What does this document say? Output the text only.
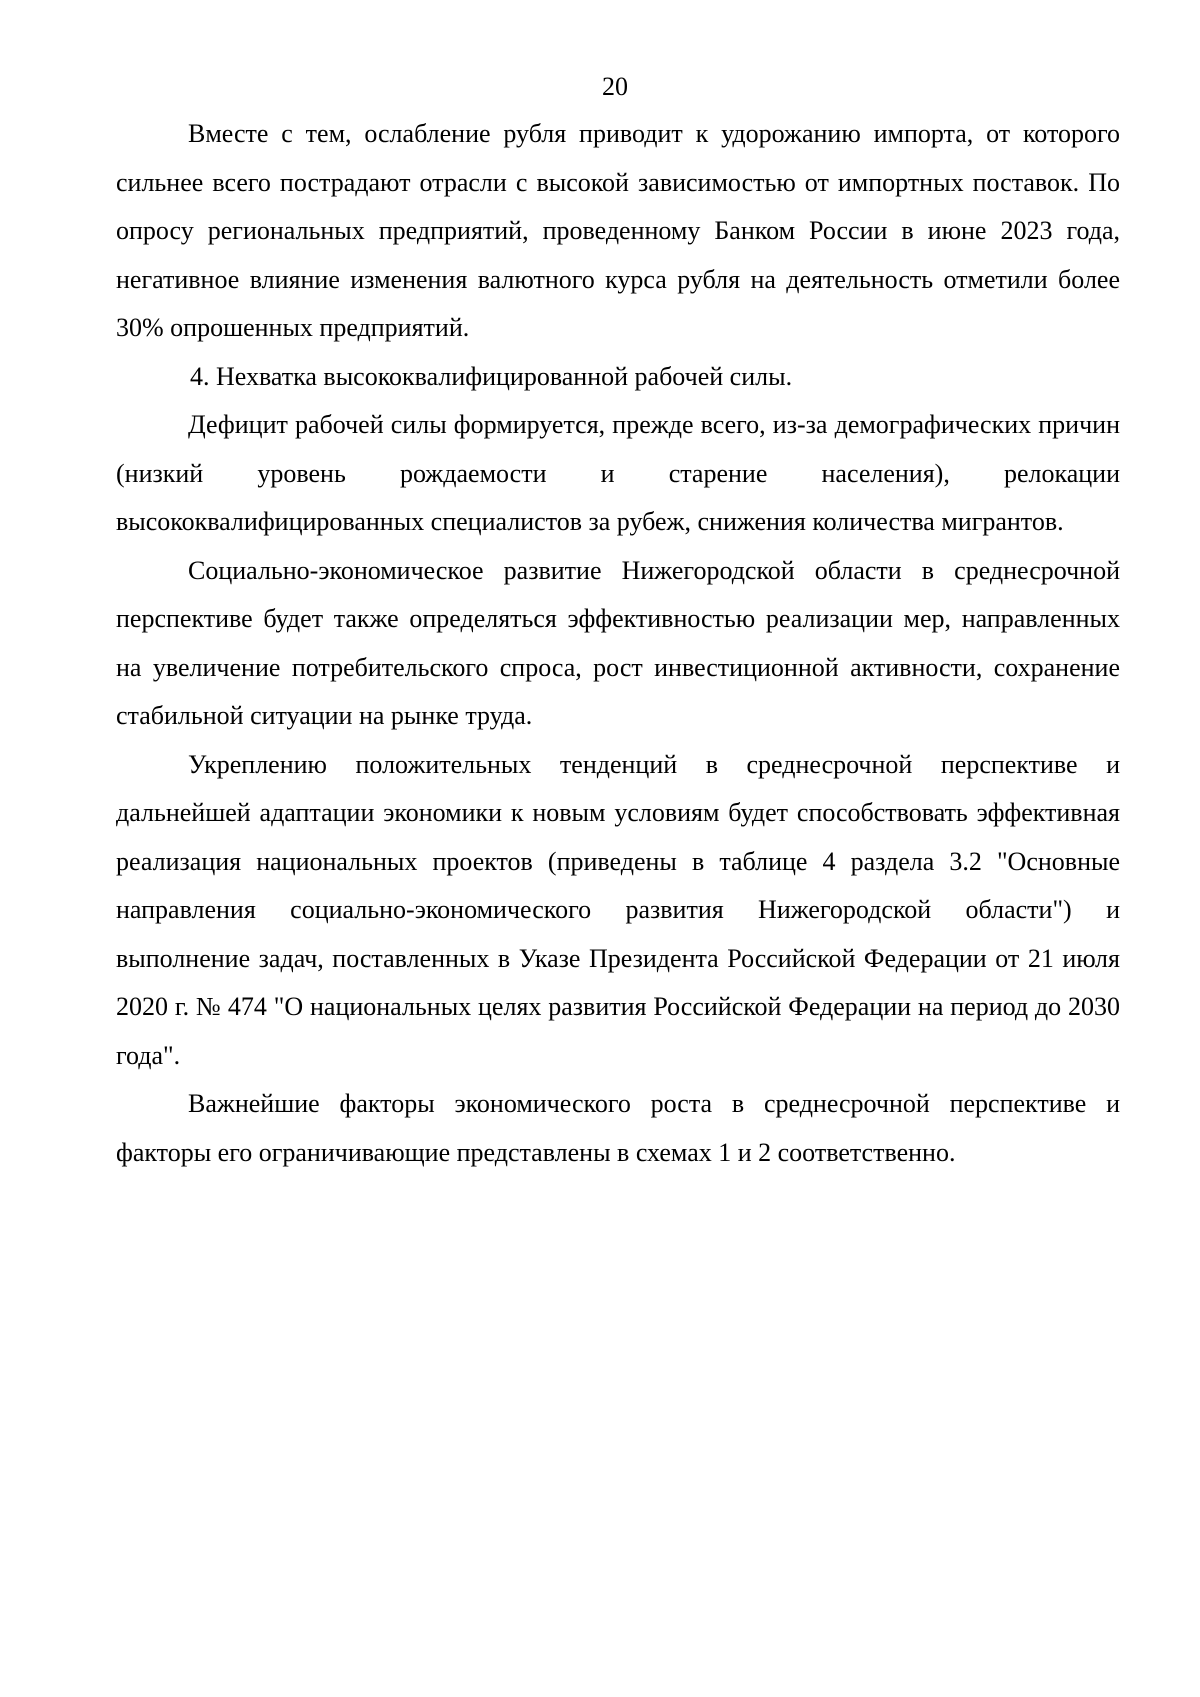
20

Вместе с тем, ослабление рубля приводит к удорожанию импорта, от которого сильнее всего пострадают отрасли с высокой зависимостью от импортных поставок. По опросу региональных предприятий, проведенному Банком России в июне 2023 года, негативное влияние изменения валютного курса рубля на деятельность отметили более 30% опрошенных предприятий.

4. Нехватка высококвалифицированной рабочей силы.

Дефицит рабочей силы формируется, прежде всего, из-за демографических причин (низкий уровень рождаемости и старение населения), релокации высококвалифицированных специалистов за рубеж, снижения количества мигрантов.

Социально-экономическое развитие Нижегородской области в среднесрочной перспективе будет также определяться эффективностью реализации мер, направленных на увеличение потребительского спроса, рост инвестиционной активности, сохранение стабильной ситуации на рынке труда.

Укреплению положительных тенденций в среднесрочной перспективе и дальнейшей адаптации экономики к новым условиям будет способствовать эффективная реализация национальных проектов (приведены в таблице 4 раздела 3.2 "Основные направления социально-экономического развития Нижегородской области") и выполнение задач, поставленных в Указе Президента Российской Федерации от 21 июля 2020 г. № 474 "О национальных целях развития Российской Федерации на период до 2030 года".

Важнейшие факторы экономического роста в среднесрочной перспективе и факторы его ограничивающие представлены в схемах 1 и 2 соответственно.
